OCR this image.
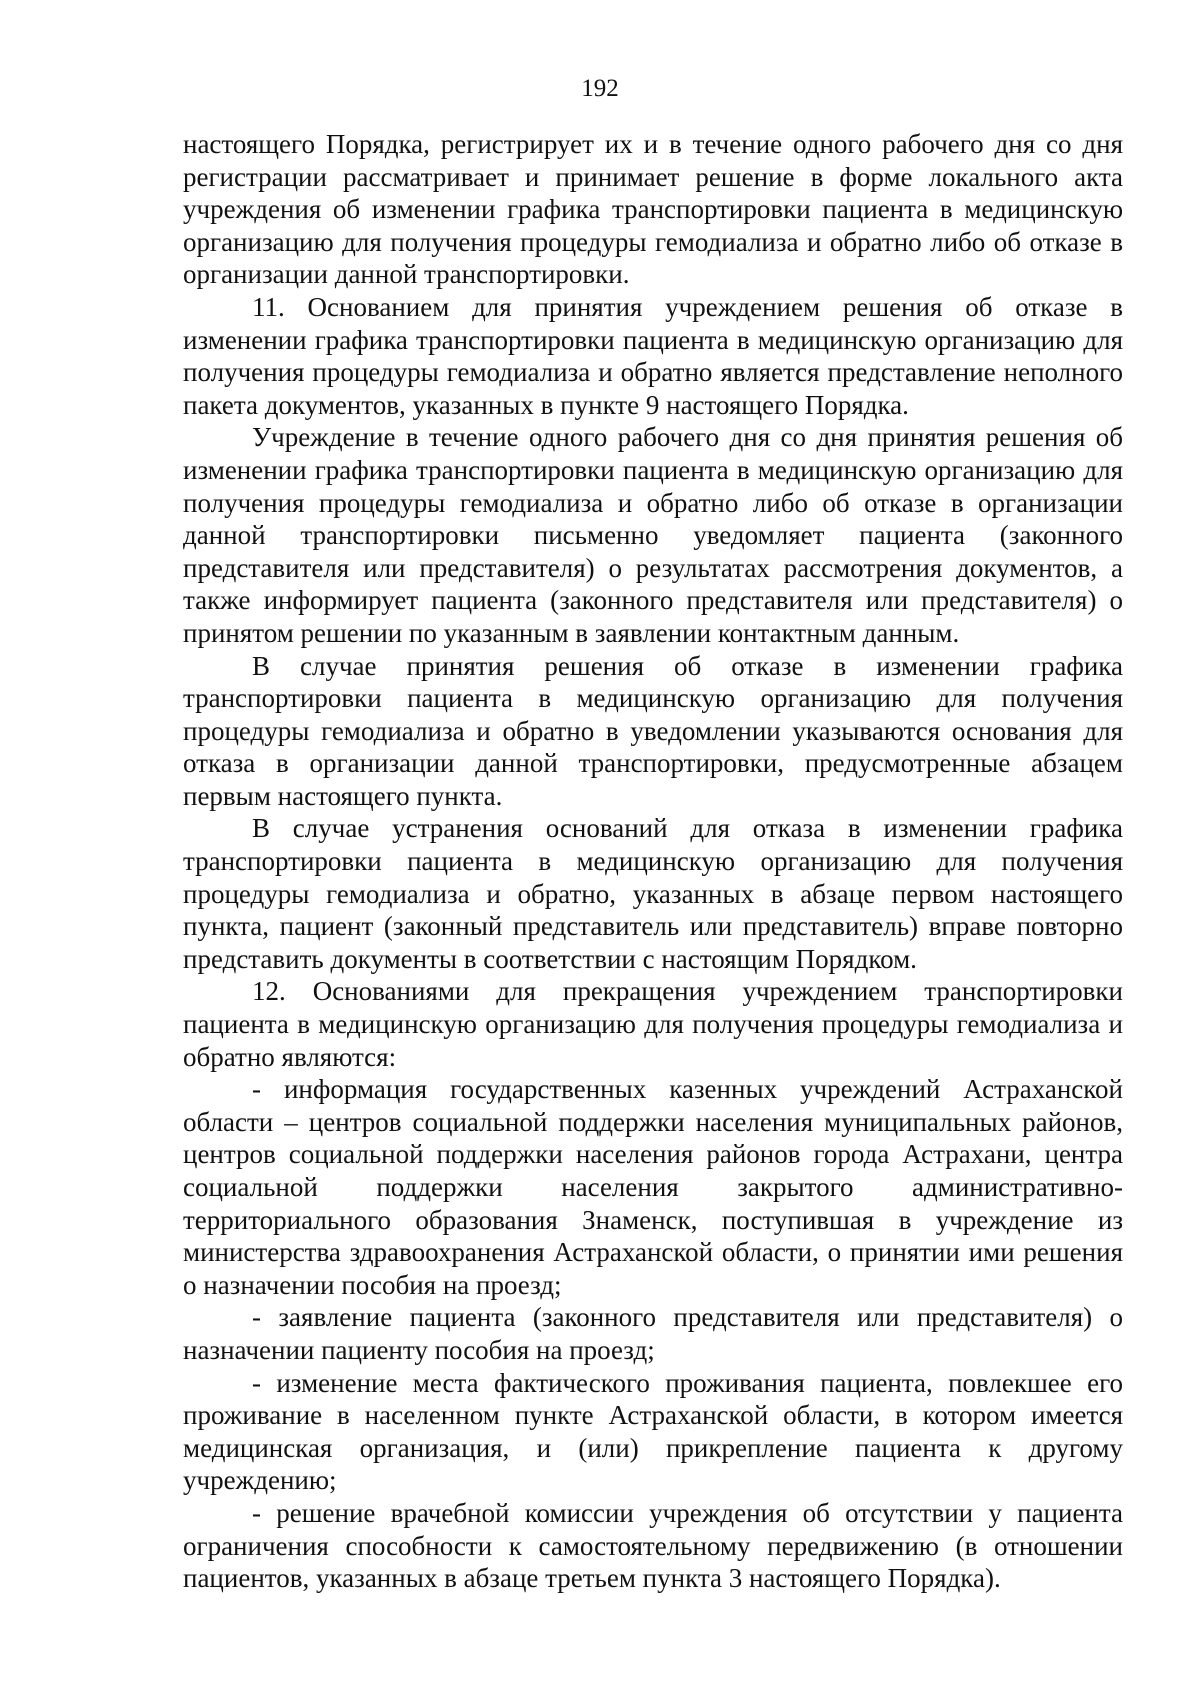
192

настоящего Порядка, регистрирует их и в течение одного рабочего дня со дня регистрации рассматривает и принимает решение в форме локального акта учреждения об изменении графика транспортировки пациента в медицинскую организацию для получения процедуры гемодиализа и обратно либо об отказе в организации данной транспортировки.

11. Основанием для принятия учреждением решения об отказе в изменении графика транспортировки пациента в медицинскую организацию для получения процедуры гемодиализа и обратно является представление неполного пакета документов, указанных в пункте 9 настоящего Порядка.

Учреждение в течение одного рабочего дня со дня принятия решения об изменении графика транспортировки пациента в медицинскую организацию для получения процедуры гемодиализа и обратно либо об отказе в организации данной транспортировки письменно уведомляет пациента (законного представителя или представителя) о результатах рассмотрения документов, а также информирует пациента (законного представителя или представителя) о принятом решении по указанным в заявлении контактным данным.

В случае принятия решения об отказе в изменении графика транспортировки пациента в медицинскую организацию для получения процедуры гемодиализа и обратно в уведомлении указываются основания для отказа в организации данной транспортировки, предусмотренные абзацем первым настоящего пункта.

В случае устранения оснований для отказа в изменении графика транспортировки пациента в медицинскую организацию для получения процедуры гемодиализа и обратно, указанных в абзаце первом настоящего пункта, пациент (законный представитель или представитель) вправе повторно представить документы в соответствии с настоящим Порядком.

12. Основаниями для прекращения учреждением транспортировки пациента в медицинскую организацию для получения процедуры гемодиализа и обратно являются:

- информация государственных казенных учреждений Астраханской области – центров социальной поддержки населения муниципальных районов, центров социальной поддержки населения районов города Астрахани, центра социальной поддержки населения закрытого административно-территориального образования Знаменск, поступившая в учреждение из министерства здравоохранения Астраханской области, о принятии ими решения о назначении пособия на проезд;

- заявление пациента (законного представителя или представителя) о назначении пациенту пособия на проезд;

- изменение места фактического проживания пациента, повлекшее его проживание в населенном пункте Астраханской области, в котором имеется медицинская организация, и (или) прикрепление пациента к другому учреждению;

- решение врачебной комиссии учреждения об отсутствии у пациента ограничения способности к самостоятельному передвижению (в отношении пациентов, указанных в абзаце третьем пункта 3 настоящего Порядка).
